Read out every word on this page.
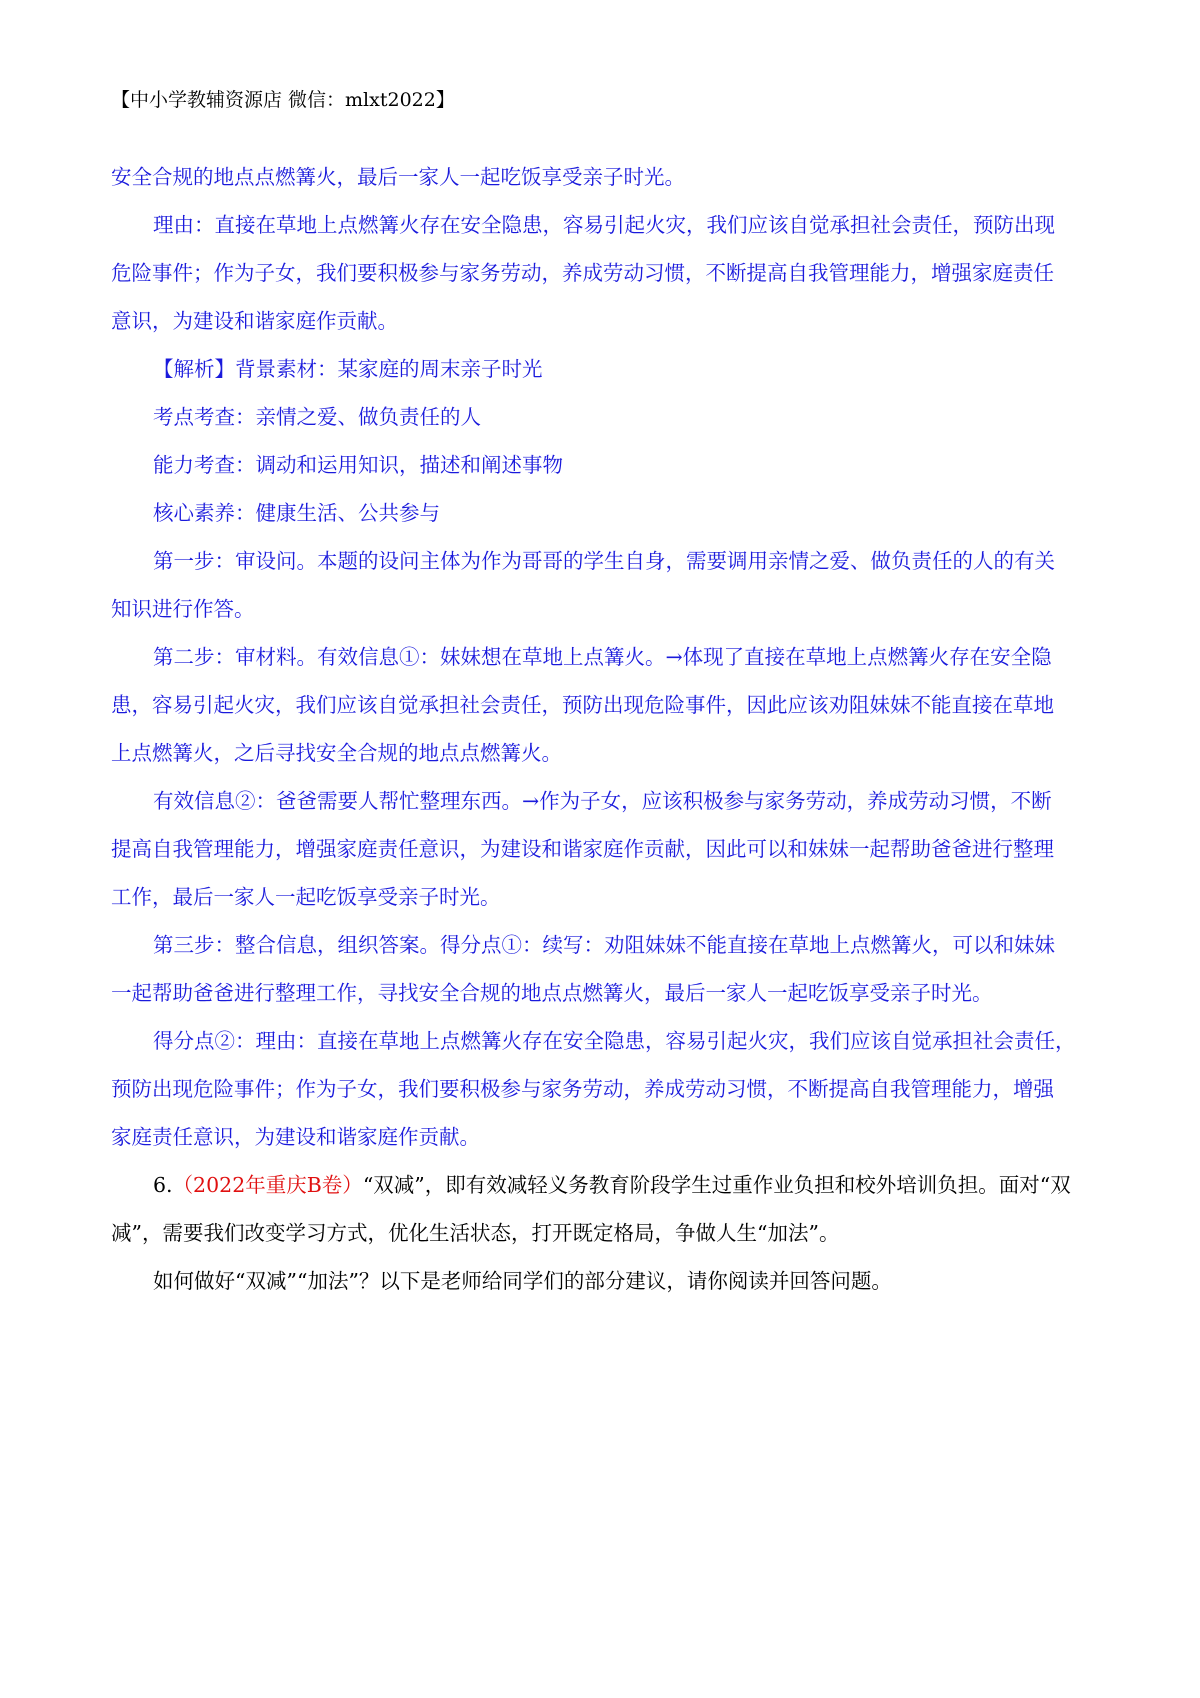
【中小学教辅资源店 微信：mlxt2022】

安全合规的地点点燃篝火，最后一家人一起吃饭享受亲子时光。

理由：直接在草地上点燃篝火存在安全隐患，容易引起火灾，我们应该自觉承担社会责任，预防出现

危险事件；作为子女，我们要积极参与家务劳动，养成劳动习惯，不断提高自我管理能力，增强家庭责任

意识，为建设和谐家庭作贡献。

【解析】背景素材：某家庭的周末亲子时光

考点考查：亲情之爱、做负责任的人

能力考查：调动和运用知识，描述和阐述事物

核心素养：健康生活、公共参与

第一步：审设问。本题的设问主体为作为哥哥的学生自身，需要调用亲情之爱、做负责任的人的有关

知识进行作答。

第二步：审材料。有效信息①：妹妹想在草地上点篝火。→体现了直接在草地上点燃篝火存在安全隐

患，容易引起火灾，我们应该自觉承担社会责任，预防出现危险事件，因此应该劝阻妹妹不能直接在草地

上点燃篝火，之后寻找安全合规的地点点燃篝火。

有效信息②：爸爸需要人帮忙整理东西。→作为子女，应该积极参与家务劳动，养成劳动习惯，不断

提高自我管理能力，增强家庭责任意识，为建设和谐家庭作贡献，因此可以和妹妹一起帮助爸爸进行整理

工作，最后一家人一起吃饭享受亲子时光。

第三步：整合信息，组织答案。得分点①：续写：劝阻妹妹不能直接在草地上点燃篝火，可以和妹妹

一起帮助爸爸进行整理工作，寻找安全合规的地点点燃篝火，最后一家人一起吃饭享受亲子时光。

得分点②：理由：直接在草地上点燃篝火存在安全隐患，容易引起火灾，我们应该自觉承担社会责任，

预防出现危险事件；作为子女，我们要积极参与家务劳动，养成劳动习惯，不断提高自我管理能力，增强

家庭责任意识，为建设和谐家庭作贡献。

6.（2022年重庆B卷）“双减”，即有效减轻义务教育阶段学生过重作业负担和校外培训负担。面对“双

减”，需要我们改变学习方式，优化生活状态，打开既定格局，争做人生“加法”。

如何做好“双减”“加法”？以下是老师给同学们的部分建议，请你阅读并回答问题。
